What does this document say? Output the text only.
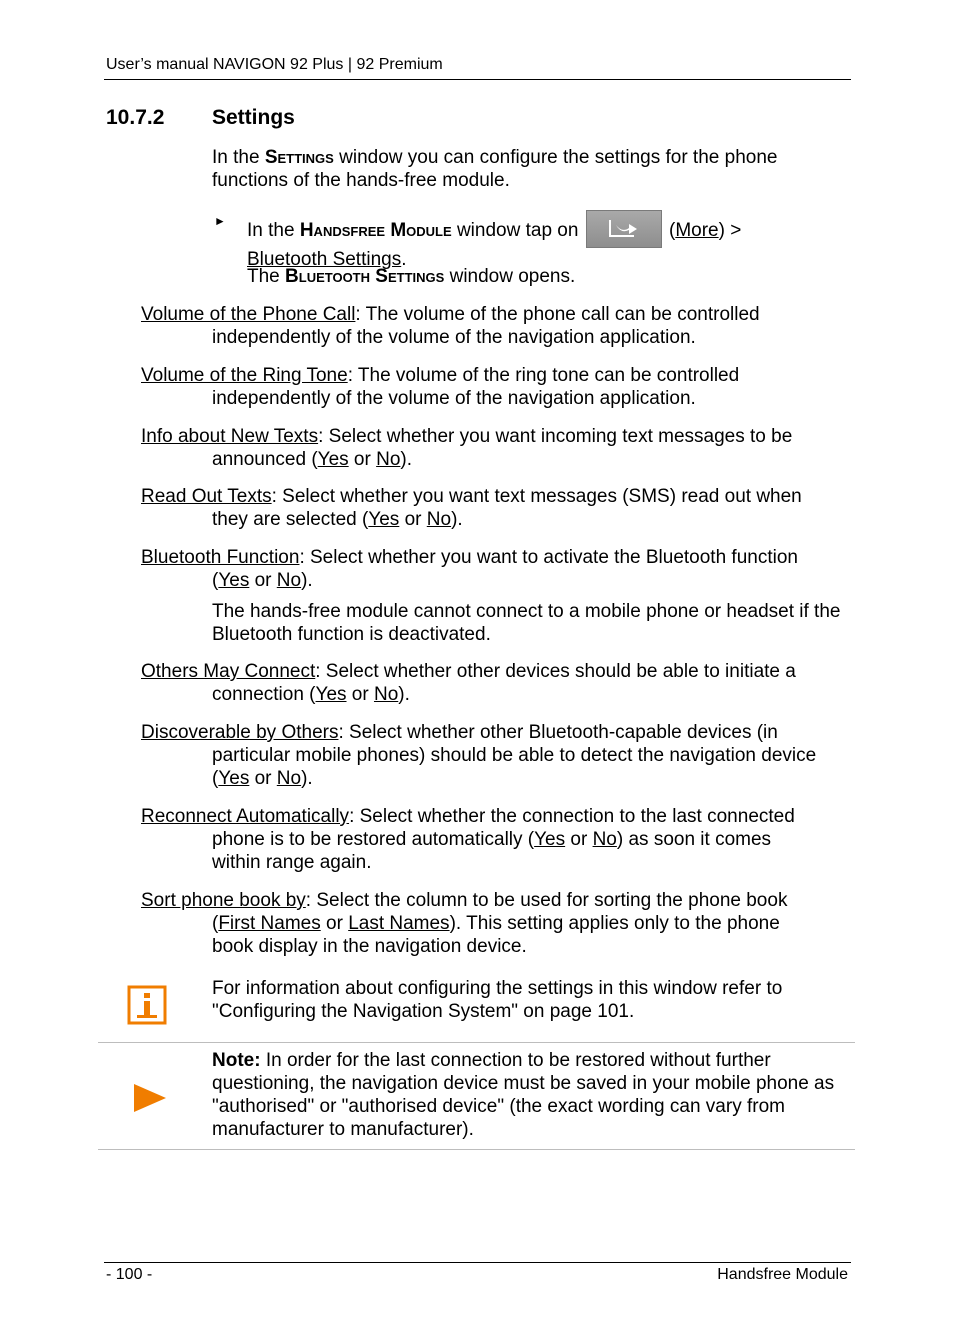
User’s manual NAVIGON 92 Plus | 92 Premium
10.7.2 Settings
In the Settings window you can configure the settings for the phone functions of the hands-free module.
► In the Handsfree Module window tap on	(More) >
Bluetooth Settings.
The Bluetooth Settings window opens.
Volume of the Phone Call: The volume of the phone call can be controlled
independently of the volume of the navigation application.
Volume of the Ring Tone: The volume of the ring tone can be controlled
independently of the volume of the navigation application.
Info about New Texts: Select whether you want incoming text messages to be
announced (Yes or No).
Read Out Texts: Select whether you want text messages (SMS) read out when
they are selected (Yes or No).
Bluetooth Function: Select whether you want to activate the Bluetooth function
(Yes or No).
The hands-free module cannot connect to a mobile phone or headset if the Bluetooth function is deactivated.
Others May Connect: Select whether other devices should be able to initiate a
connection (Yes or No).
Discoverable by Others: Select whether other Bluetooth-capable devices (in
particular mobile phones) should be able to detect the navigation device
(Yes or No).
Reconnect Automatically: Select whether the connection to the last connected
phone is to be restored automatically (Yes or No) as soon it comes
within range again.
Sort phone book by: Select the column to be used for sorting the phone book
(First Names or Last Names). This setting applies only to the phone
book display in the navigation device.
For information about configuring the settings in this window refer to "Configuring the Navigation System" on page 101.
Note: In order for the last connection to be restored without further questioning, the navigation device must be saved in your mobile phone as "authorised" or "authorised device" (the exact wording can vary from manufacturer to manufacturer).
- 100 -	Handsfree Module
